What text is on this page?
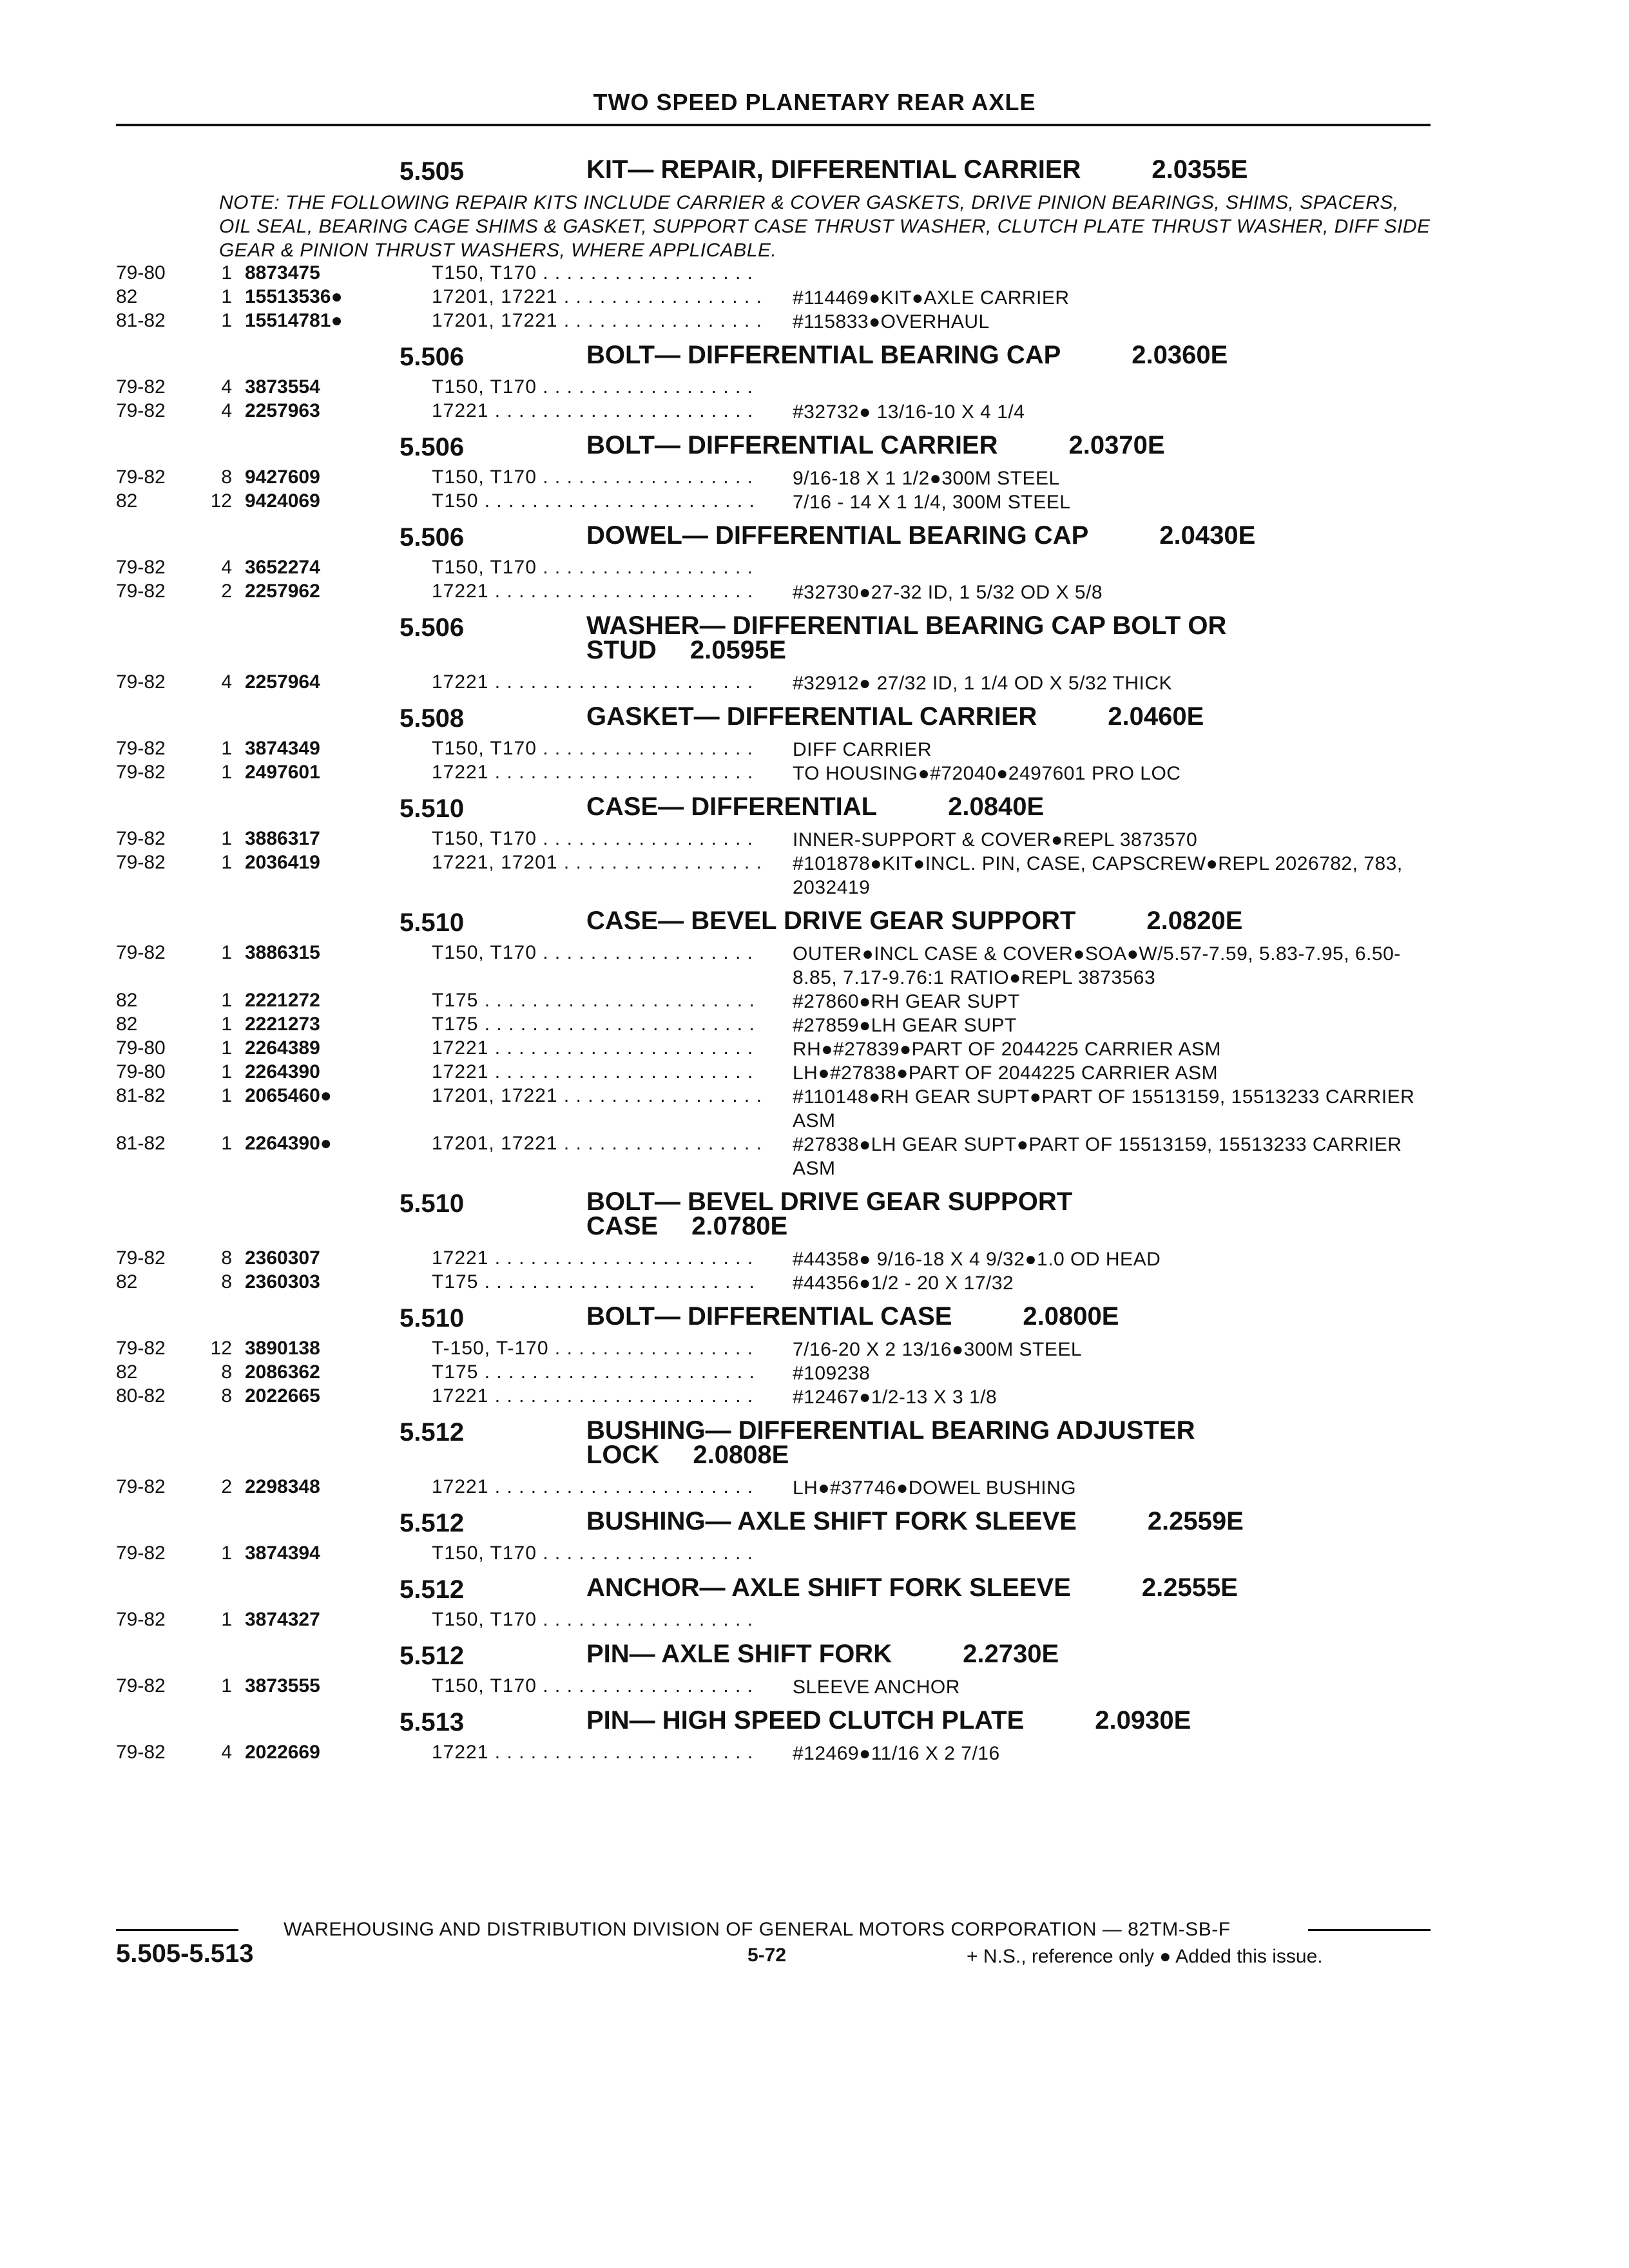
TWO SPEED PLANETARY REAR AXLE
5.505	KIT— REPAIR, DIFFERENTIAL CARRIER	2.0355E
NOTE: THE FOLLOWING REPAIR KITS INCLUDE CARRIER & COVER GASKETS, DRIVE PINION BEARINGS, SHIMS, SPACERS, OIL SEAL, BEARING CAGE SHIMS & GASKET, SUPPORT CASE THRUST WASHER, CLUTCH PLATE THRUST WASHER, DIFF SIDE GEAR & PINION THRUST WASHERS, WHERE APPLICABLE.
79-80	1 8873475	T150, T170 . . .
82	1 15513536●	17201, 17221 . . .	#114469●KIT●AXLE CARRIER
81-82	1 15514781●	17201, 17221 . . .	#115833●OVERHAUL
5.506	BOLT— DIFFERENTIAL BEARING CAP	2.0360E
79-82	4 3873554	T150, T170 . . .
79-82	4 2257963	17221 . . .	#32732● 13/16-10 X 4 1/4
5.506	BOLT— DIFFERENTIAL CARRIER	2.0370E
79-82	8 9427609	T150, T170 . . .	9/16-18 X 1 1/2●300M STEEL
82	12 9424069	T150 . . .	7/16 - 14 X 1 1/4, 300M STEEL
5.506	DOWEL— DIFFERENTIAL BEARING CAP	2.0430E
79-82	4 3652274	T150, T170 . . .
79-82	2 2257962	17221 . . .	#32730●27-32 ID, 1 5/32 OD X 5/8
5.506	WASHER— DIFFERENTIAL BEARING CAP BOLT OR
STUD 2.0595E
79-82	4 2257964	17221 . . .	#32912● 27/32 ID, 1 1/4 OD X 5/32 THICK
5.508	GASKET— DIFFERENTIAL CARRIER	2.0460E
79-82	1 3874349	T150, T170 . . .	DIFF CARRIER
79-82	1 2497601	17221 . . .	TO HOUSING●#72040●2497601 PRO LOC
5.510	CASE— DIFFERENTIAL	2.0840E
79-82	1 3886317	T150, T170 . . .	INNER-SUPPORT & COVER●REPL 3873570
79-82	1 2036419	17221, 17201 . . .	#101878●KIT●INCL. PIN, CASE, CAPSCREW●REPL 2026782, 783, 2032419
5.510	CASE— BEVEL DRIVE GEAR SUPPORT	2.0820E
79-82	1 3886315	T150, T170 . . .	OUTER●INCL CASE & COVER●SOA●W/5.57-7.59, 5.83-7.95, 6.50-8.85, 7.17-9.76:1 RATIO●REPL 3873563
82	1 2221272	T175 . . .	#27860●RH GEAR SUPT
82	1 2221273	T175 . . .	#27859●LH GEAR SUPT
79-80	1 2264389	17221 . . .	RH●#27839●PART OF 2044225 CARRIER ASM
79-80	1 2264390	17221 . . .	LH●#27838●PART OF 2044225 CARRIER ASM
81-82	1 2065460●	17201, 17221 . . .	#110148●RH GEAR SUPT●PART OF 15513159, 15513233 CARRIER ASM
81-82	1 2264390●	17201, 17221 . . .	#27838●LH GEAR SUPT●PART OF 15513159, 15513233 CARRIER ASM
5.510	BOLT— BEVEL DRIVE GEAR SUPPORT
CASE 2.0780E
79-82	8 2360307	17221 . . .	#44358● 9/16-18 X 4 9/32●1.0 OD HEAD
82	8 2360303	T175 . . .	#44356●1/2 - 20 X 17/32
5.510	BOLT— DIFFERENTIAL CASE	2.0800E
79-82 12 3890138	T-150, T-170 . . .	7/16-20 X 2 13/16●300M STEEL
82	8 2086362	T175 . . .	#109238
80-82	8 2022665	17221 . . .	#12467●1/2-13 X 3 1/8
5.512	BUSHING— DIFFERENTIAL BEARING ADJUSTER
LOCK 2.0808E
79-82	2 2298348	17221 . . .	LH●#37746●DOWEL BUSHING
5.512	BUSHING— AXLE SHIFT FORK SLEEVE	2.2559E
79-82	1 3874394	T150, T170 . . .
5.512	ANCHOR— AXLE SHIFT FORK SLEEVE	2.2555E
79-82	1 3874327	T150, T170 . . .
5.512	PIN— AXLE SHIFT FORK	2.2730E
79-82	1 3873555	T150, T170 . . .	SLEEVE ANCHOR
5.513	PIN— HIGH SPEED CLUTCH PLATE	2.0930E
79-82	4 2022669	17221 . . .	#12469●11/16 X 2 7/16
WAREHOUSING AND DISTRIBUTION DIVISION OF GENERAL MOTORS CORPORATION — 82TM-SB-F
5.505-5.513	5-72	+ N.S., reference only ● Added this issue.
